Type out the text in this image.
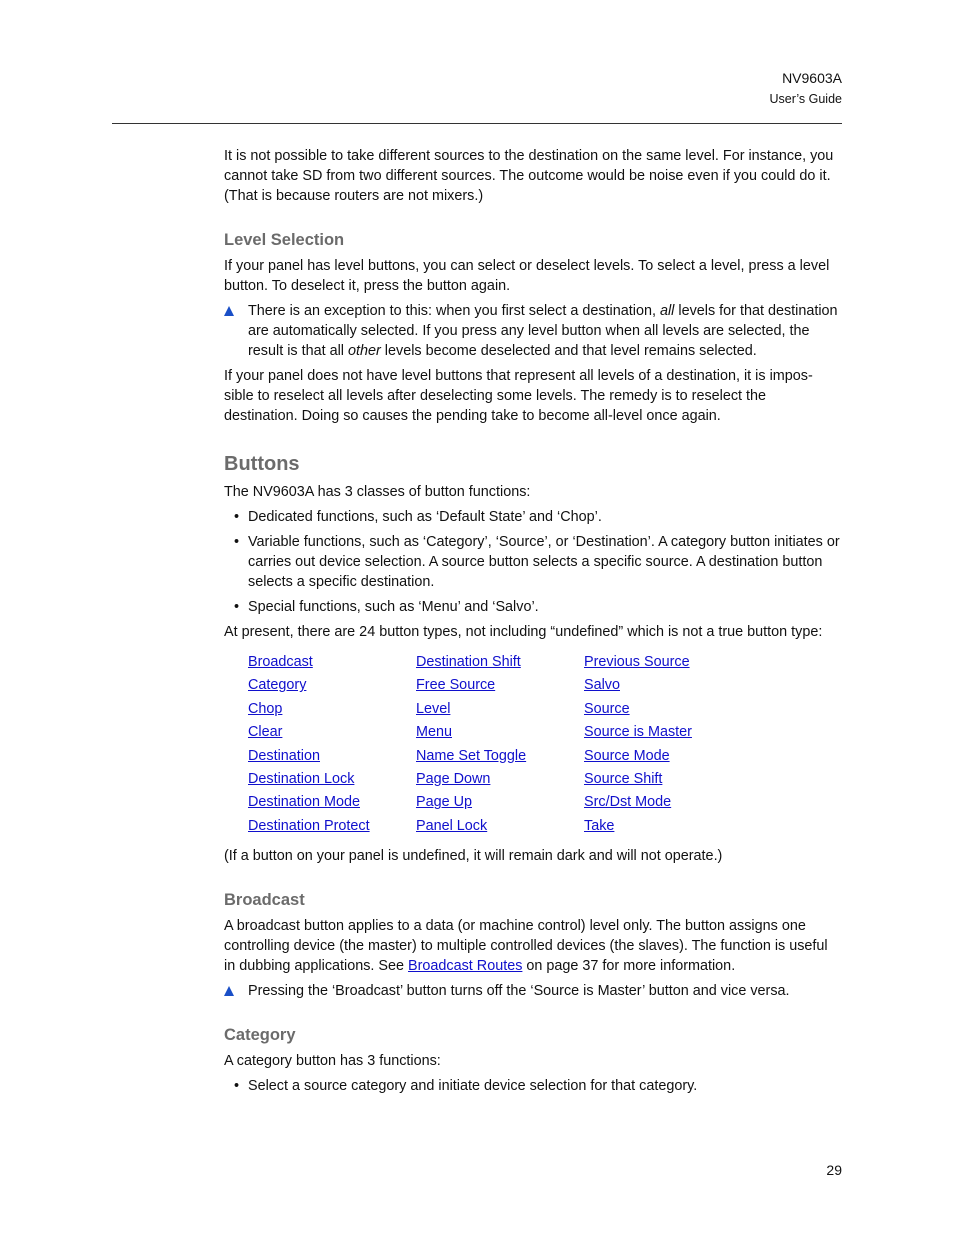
NV9603A
User’s Guide

It is not possible to take different sources to the destination on the same level. For instance, you cannot take SD from two different sources. The outcome would be noise even if you could do it. (That is because routers are not mixers.)

Level Selection

If your panel has level buttons, you can select or deselect levels. To select a level, press a level button. To deselect it, press the button again.

There is an exception to this: when you first select a destination, all levels for that destination are automatically selected. If you press any level button when all levels are selected, the result is that all other levels become deselected and that level remains selected.

If your panel does not have level buttons that represent all levels of a destination, it is impos-sible to reselect all levels after deselecting some levels. The remedy is to reselect the destination. Doing so causes the pending take to become all-level once again.

Buttons

The NV9603A has 3 classes of button functions:

• Dedicated functions, such as ‘Default State’ and ‘Chop’.
• Variable functions, such as ‘Category’, ‘Source’, or ‘Destination’. A category button initiates or carries out device selection. A source button selects a specific source. A destination button selects a specific destination.
• Special functions, such as ‘Menu’ and ‘Salvo’.

At present, there are 24 button types, not including “undefined” which is not a true button type:

Broadcast	Destination Shift	Previous Source
Category	Free Source	Salvo
Chop	Level	Source
Clear	Menu	Source is Master
Destination	Name Set Toggle	Source Mode
Destination Lock	Page Down	Source Shift
Destination Mode	Page Up	Src/Dst Mode
Destination Protect	Panel Lock	Take

(If a button on your panel is undefined, it will remain dark and will not operate.)

Broadcast

A broadcast button applies to a data (or machine control) level only. The button assigns one controlling device (the master) to multiple controlled devices (the slaves). The function is useful in dubbing applications. See Broadcast Routes on page 37 for more information.

Pressing the ‘Broadcast’ button turns off the ‘Source is Master’ button and vice versa.
Category

A category button has 3 functions:

• Select a source category and initiate device selection for that category.
29
